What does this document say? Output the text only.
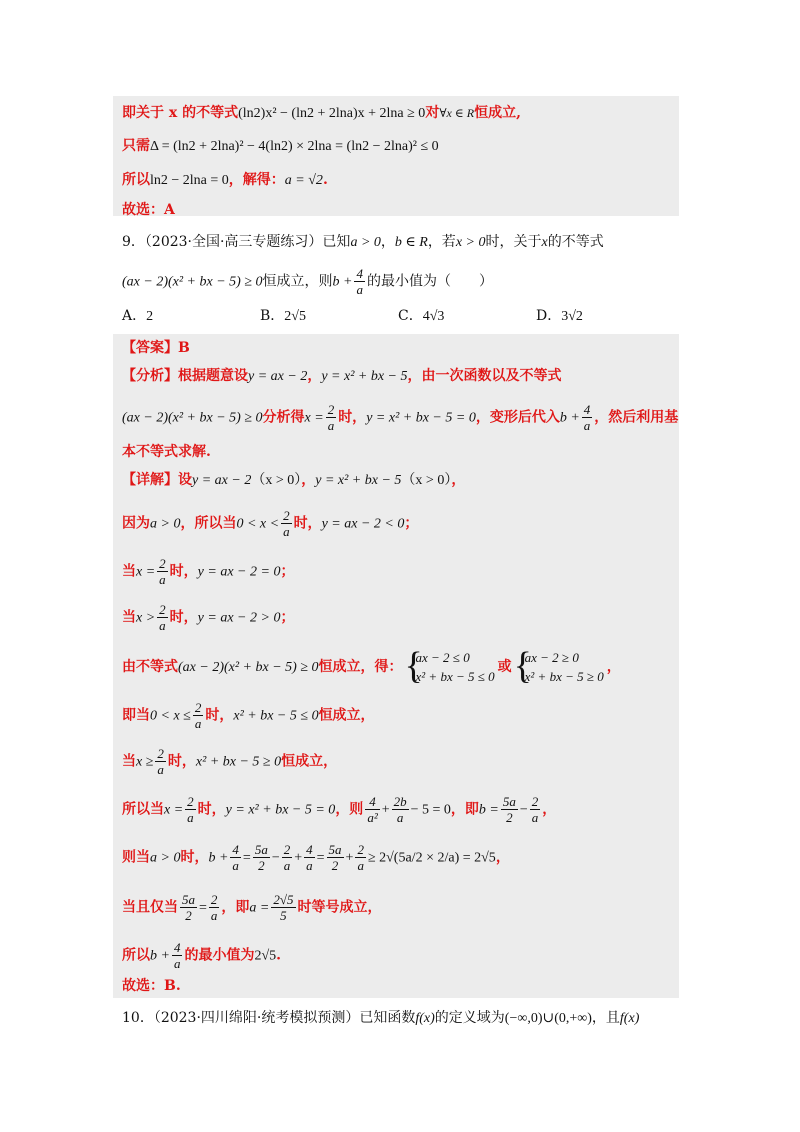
即关于 x 的不等式(ln2)x² − (ln2 + 2lna)x + 2lna ≥ 0对∀x ∈ R恒成立,
只需Δ = (ln2 + 2lna)² − 4(ln2) × 2lna = (ln2 − 2lna)² ≤ 0
所以ln2 − 2lna = 0，解得：a = √2.
故选：A
9．（2023·全国·高三专题练习）已知a > 0，b ∈ R，若x > 0时，关于x的不等式
(ax − 2)(x² + bx − 5) ≥ 0恒成立，则$b + \frac{4}{a}$ 的最小值为（　　）
A．2	B．2√5	C．4√3	D．3√2
【答案】B
【分析】根据题意设y = ax − 2，y = x² + bx − 5，由一次函数以及不等式
(ax − 2)(x² + bx − 5) ≥ 0分析得$x = \frac{2}{a}$ 时，y = x² + bx − 5 = 0，变形后代入$b + \frac{4}{a}$ ，然后利用基
本不等式求解.
【详解】设y = ax − 2（x > 0），y = x² + bx − 5（x > 0），
因为a > 0，所以当$0 < x < \frac{2}{a}$ 时，y = ax − 2 < 0；
当$x = \frac{2}{a}$ 时，y = ax − 2 = 0；
当$x > \frac{2}{a}$ 时，y = ax − 2 > 0；
由不等式(ax − 2)(x² + bx − 5) ≥ 0恒成立，得：
{ ax − 2 ≤ 0
x² + bx − 5 ≤ 0
或
{ ax − 2 ≥ 0
x² + bx − 5 ≥ 0
，
即当$0 < x \le \frac{2}{a}$ 时，x² + bx − 5 ≤ 0恒成立，
当$x \ge \frac{2}{a}$ 时，x² + bx − 5 ≥ 0恒成立，
所以当$x = \frac{2}{a}$ 时，y = x² + bx − 5 = 0，则 $\frac{4}{\text{a²}} + \frac{2b}{a} - 5 = 0$，即$b = \frac{5a}{2} - \frac{2}{a}$ ，
则当a > 0时，$b + \frac{4}{a} = \frac{5a}{2} - \frac{2}{a} + \frac{4}{a} = \frac{5a}{2} + \frac{2}{a} \ge 2√(5a/2 \times 2/a) = 2√5$，
当且仅当 $\frac{5a}{2} = \frac{2}{a}$ ，即$a = \frac{2√5}{5}$ 时等号成立，
所以$b + \frac{4}{a}$ 的最小值为2√5.
故选：B.
10．（2023·四川绵阳·统考模拟预测）已知函数f(x)的定义域为(−∞,0)∪(0,+∞)，且f(x)
